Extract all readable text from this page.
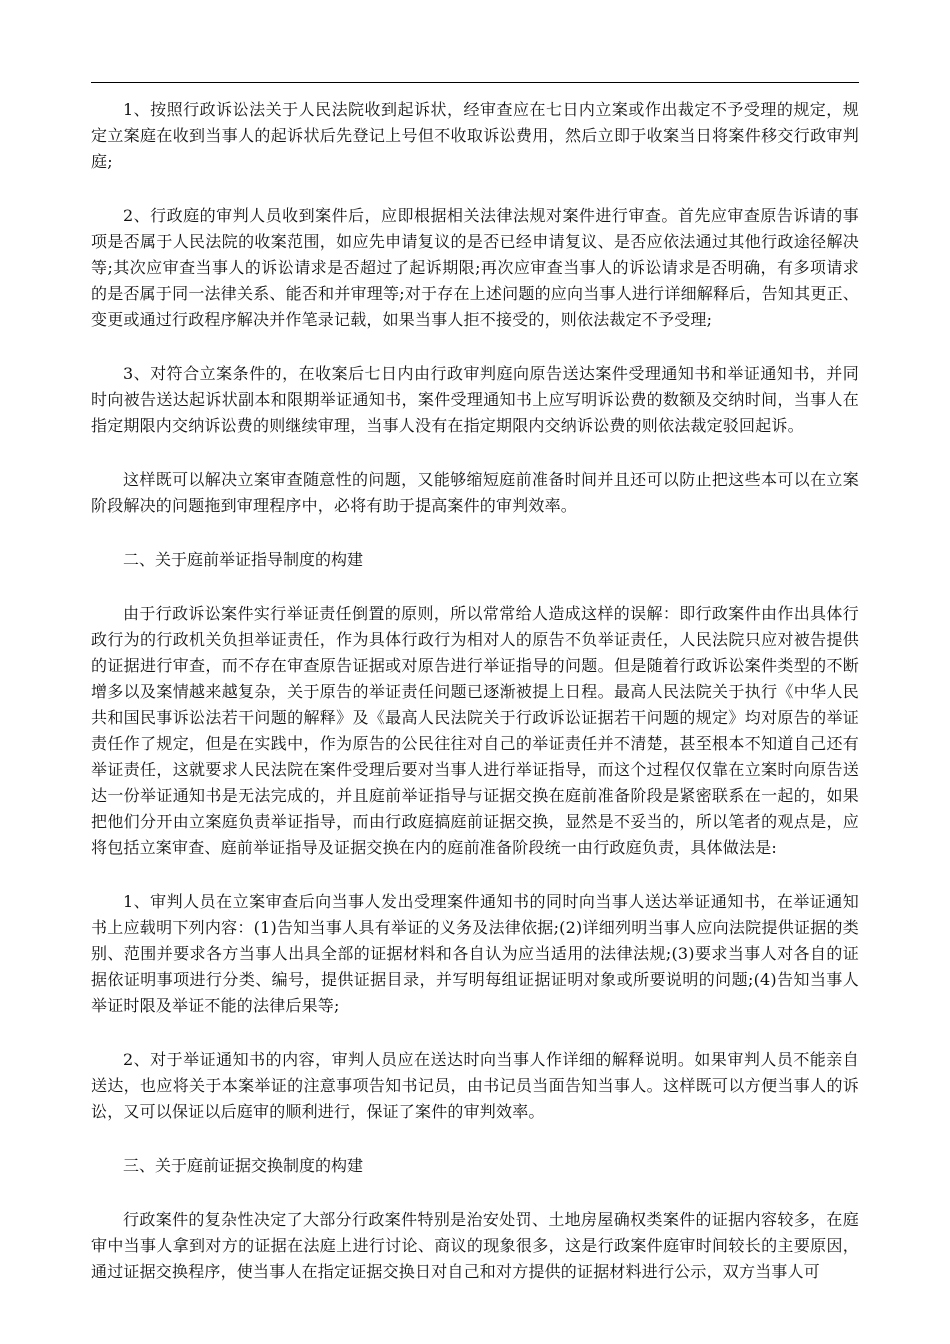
1、按照行政诉讼法关于人民法院收到起诉状，经审查应在七日内立案或作出裁定不予受理的规定，规定立案庭在收到当事人的起诉状后先登记上号但不收取诉讼费用，然后立即于收案当日将案件移交行政审判庭;

2、行政庭的审判人员收到案件后，应即根据相关法律法规对案件进行审查。首先应审查原告诉请的事项是否属于人民法院的收案范围，如应先申请复议的是否已经申请复议、是否应依法通过其他行政途径解决等;其次应审查当事人的诉讼请求是否超过了起诉期限;再次应审查当事人的诉讼请求是否明确，有多项请求的是否属于同一法律关系、能否和并审理等;对于存在上述问题的应向当事人进行详细解释后，告知其更正、变更或通过行政程序解决并作笔录记载，如果当事人拒不接受的，则依法裁定不予受理;

3、对符合立案条件的，在收案后七日内由行政审判庭向原告送达案件受理通知书和举证通知书，并同时向被告送达起诉状副本和限期举证通知书，案件受理通知书上应写明诉讼费的数额及交纳时间，当事人在指定期限内交纳诉讼费的则继续审理，当事人没有在指定期限内交纳诉讼费的则依法裁定驳回起诉。

这样既可以解决立案审查随意性的问题，又能够缩短庭前准备时间并且还可以防止把这些本可以在立案阶段解决的问题拖到审理程序中，必将有助于提高案件的审判效率。

二、关于庭前举证指导制度的构建

由于行政诉讼案件实行举证责任倒置的原则，所以常常给人造成这样的误解：即行政案件由作出具体行政行为的行政机关负担举证责任，作为具体行政行为相对人的原告不负举证责任，人民法院只应对被告提供的证据进行审查，而不存在审查原告证据或对原告进行举证指导的问题。但是随着行政诉讼案件类型的不断增多以及案情越来越复杂，关于原告的举证责任问题已逐渐被提上日程。最高人民法院关于执行《中华人民共和国民事诉讼法若干问题的解释》及《最高人民法院关于行政诉讼证据若干问题的规定》均对原告的举证责任作了规定，但是在实践中，作为原告的公民往往对自己的举证责任并不清楚，甚至根本不知道自己还有举证责任，这就要求人民法院在案件受理后要对当事人进行举证指导，而这个过程仅仅靠在立案时向原告送达一份举证通知书是无法完成的，并且庭前举证指导与证据交换在庭前准备阶段是紧密联系在一起的，如果把他们分开由立案庭负责举证指导，而由行政庭搞庭前证据交换，显然是不妥当的，所以笔者的观点是，应将包括立案审查、庭前举证指导及证据交换在内的庭前准备阶段统一由行政庭负责，具体做法是:

1、审判人员在立案审查后向当事人发出受理案件通知书的同时向当事人送达举证通知书，在举证通知书上应载明下列内容：(1)告知当事人具有举证的义务及法律依据;(2)详细列明当事人应向法院提供证据的类别、范围并要求各方当事人出具全部的证据材料和各自认为应当适用的法律法规;(3)要求当事人对各自的证据依证明事项进行分类、编号，提供证据目录，并写明每组证据证明对象或所要说明的问题;(4)告知当事人举证时限及举证不能的法律后果等;

2、对于举证通知书的内容，审判人员应在送达时向当事人作详细的解释说明。如果审判人员不能亲自送达，也应将关于本案举证的注意事项告知书记员，由书记员当面告知当事人。这样既可以方便当事人的诉讼，又可以保证以后庭审的顺利进行，保证了案件的审判效率。

三、关于庭前证据交换制度的构建

行政案件的复杂性决定了大部分行政案件特别是治安处罚、土地房屋确权类案件的证据内容较多，在庭审中当事人拿到对方的证据在法庭上进行讨论、商议的现象很多，这是行政案件庭审时间较长的主要原因，通过证据交换程序，使当事人在指定证据交换日对自己和对方提供的证据材料进行公示，双方当事人可
